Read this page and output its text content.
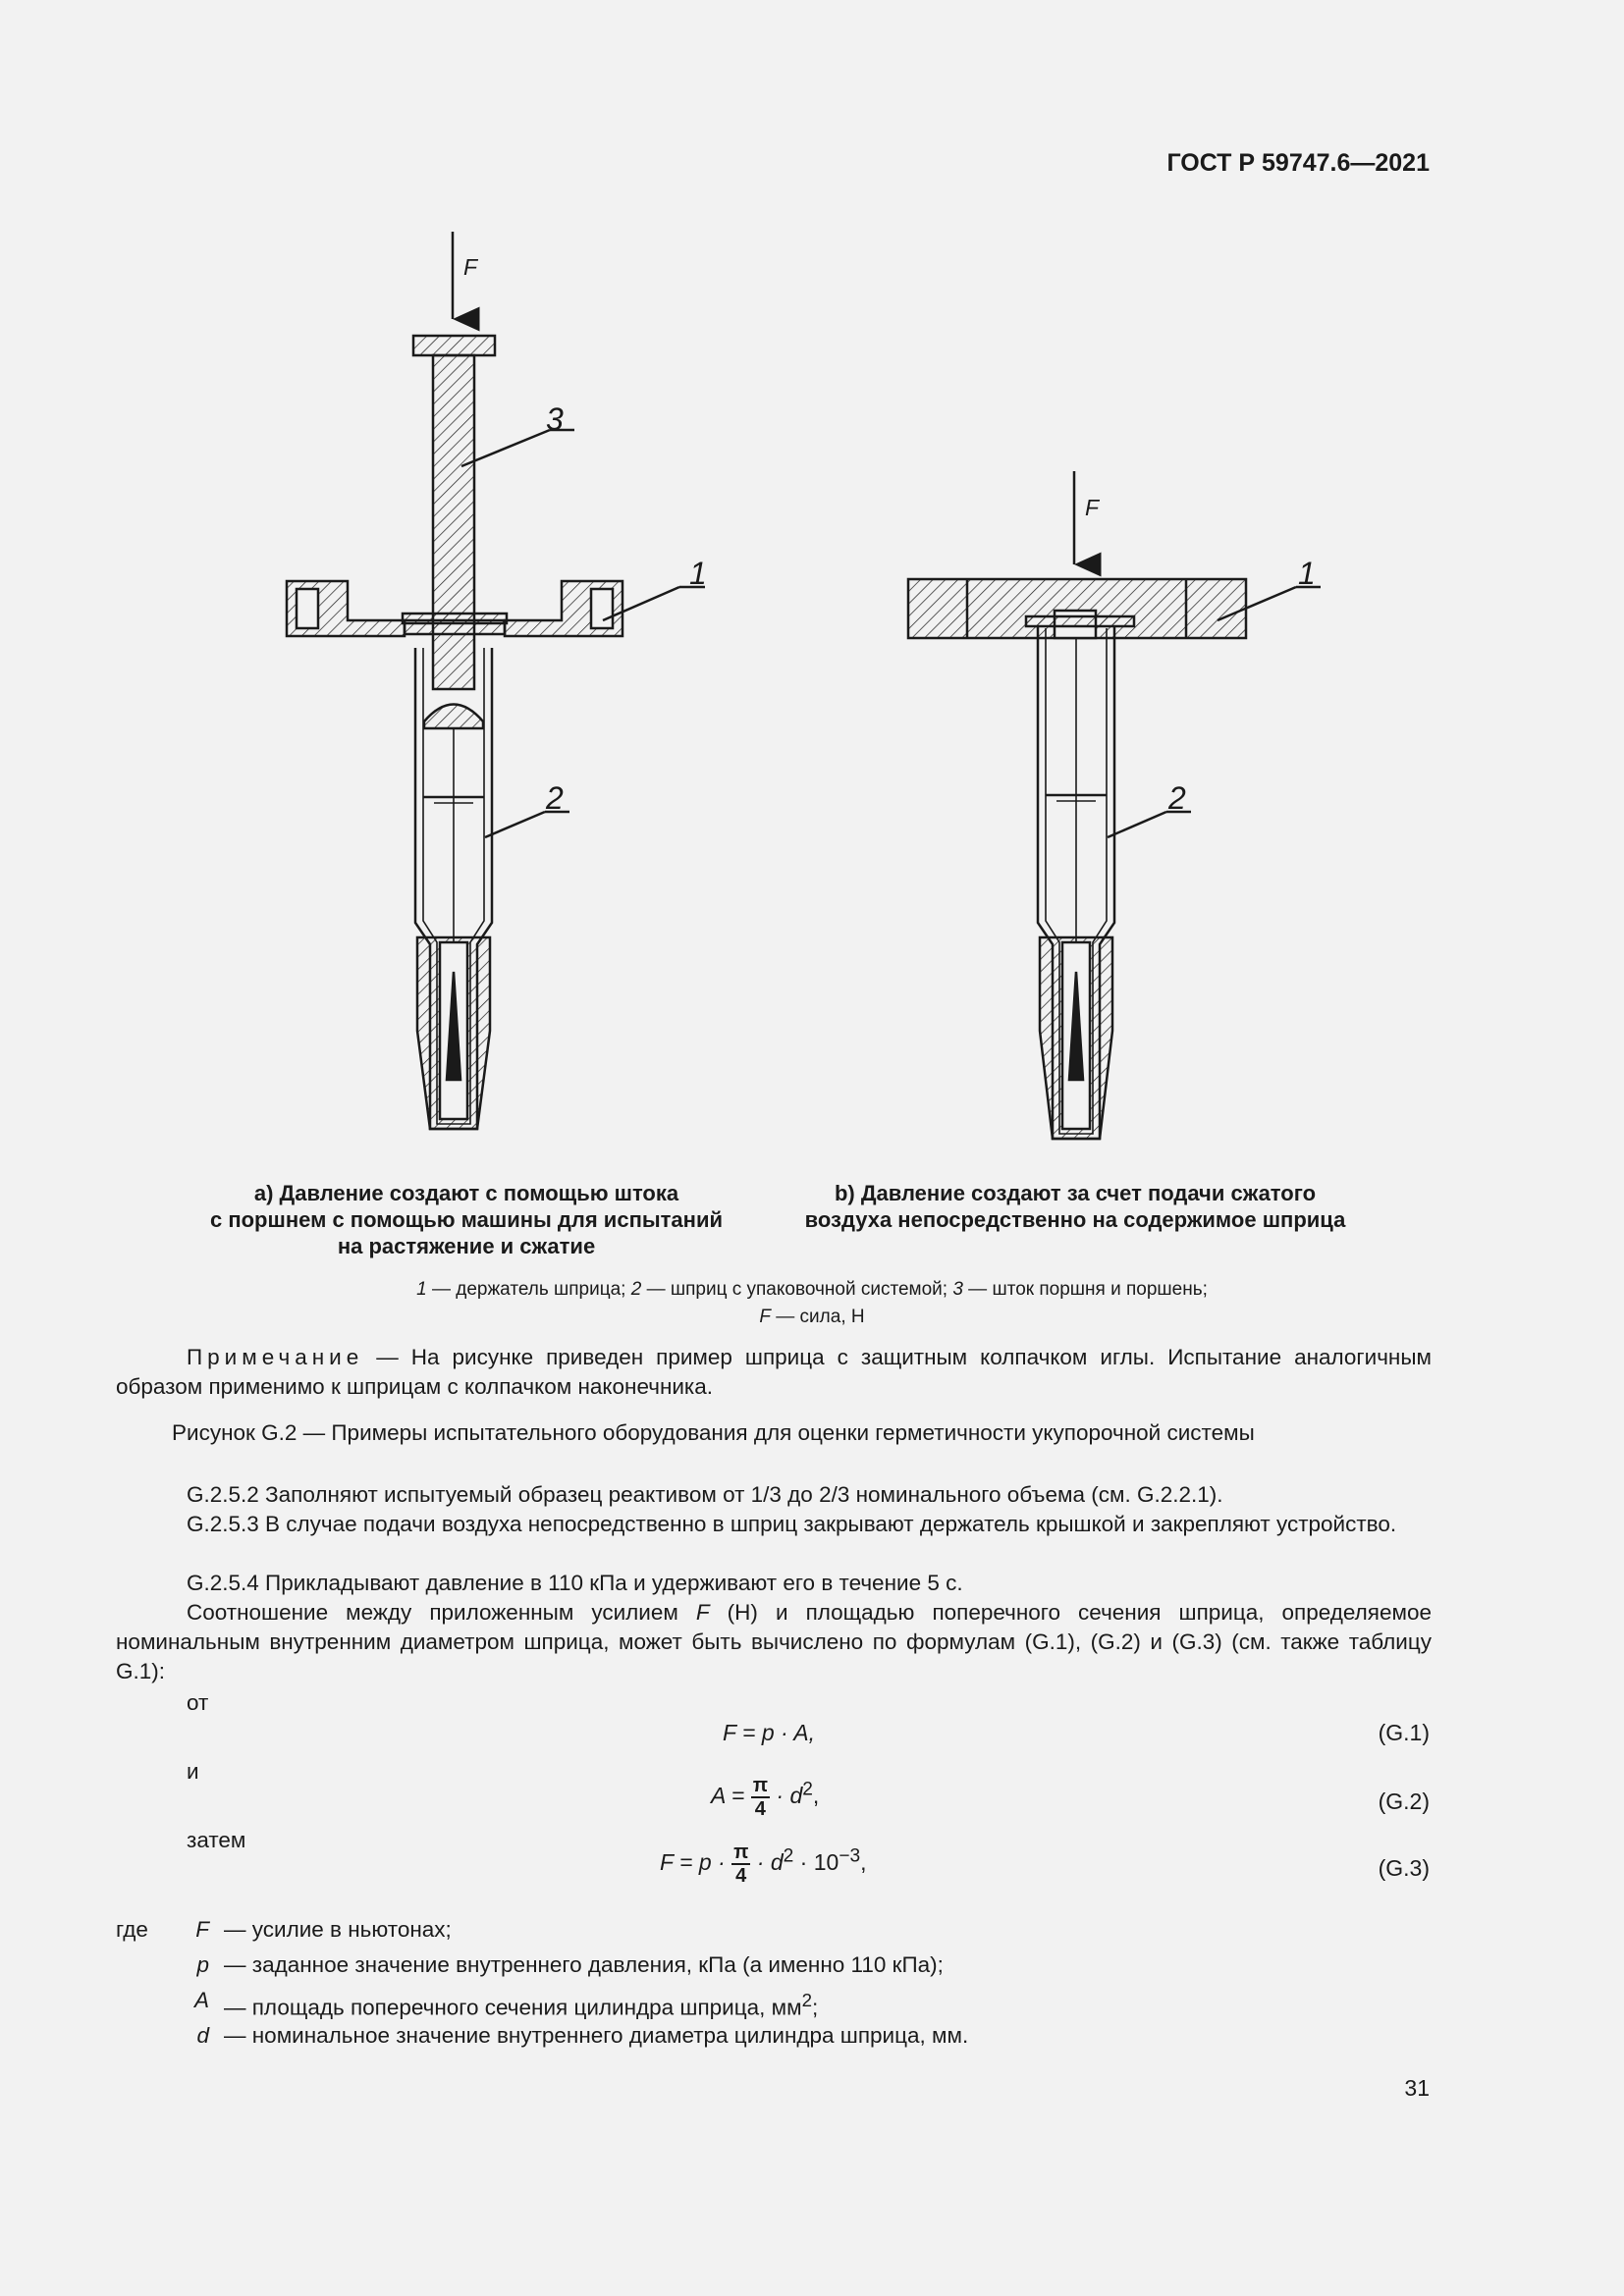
ГОСТ Р 59747.6—2021
F
3
1
2
F
1
2
а) Давление создают с помощью штока
с поршнем с помощью машины для испытаний
на растяжение и сжатие
b) Давление создают за счет подачи сжатого
воздуха непосредственно на содержимое шприца
1 — держатель шприца; 2 — шприц с упаковочной системой; 3 — шток поршня и поршень;
F — сила, Н
Примечание — На рисунке приведен пример шприца с защитным колпачком иглы. Испытание аналогичным образом применимо к шприцам с колпачком наконечника.
Рисунок G.2 — Примеры испытательного оборудования для оценки герметичности укупорочной системы
G.2.5.2 Заполняют испытуемый образец реактивом от 1/3 до 2/3 номинального объема (см. G.2.2.1).
G.2.5.3 В случае подачи воздуха непосредственно в шприц закрывают держатель крышкой и закрепляют устройство.
G.2.5.4 Прикладывают давление в 110 кПа и удерживают его в течение 5 с.
Соотношение между приложенным усилием F (Н) и площадью поперечного сечения шприца, определяемое номинальным внутренним диаметром шприца, может быть вычислено по формулам (G.1), (G.2) и (G.3) (см. также таблицу G.1):
от
F = p · A,	(G.1)
и
$A = \frac{\pi}{4} \cdot d^2$,	(G.2)
затем
$F = p \cdot \frac{\pi}{4} \cdot d^2 \cdot 10^{-3}$,	(G.3)
где	F — усилие в ньютонах;
p — заданное значение внутреннего давления, кПа (а именно 110 кПа);
A — площадь поперечного сечения цилиндра шприца, $мм^2$;
d — номинальное значение внутреннего диаметра цилиндра шприца, мм.
31
